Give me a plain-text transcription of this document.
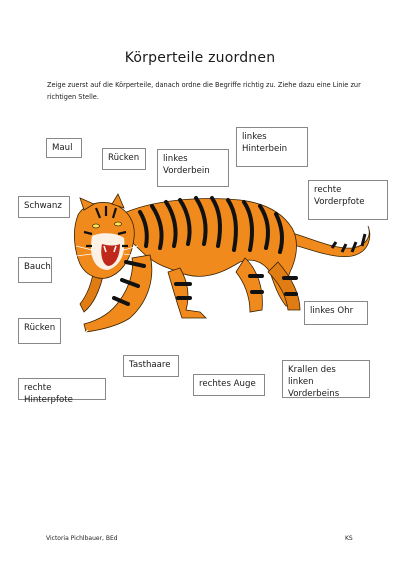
Körperteile zuordnen
Zeige zuerst auf die Körperteile, danach ordne die Begriffe richtig zu. Ziehe dazu eine Linie zur richtigen Stelle.
Maul
Rücken	linkes
Vorderbein
linkes
Hinterbein
rechte
Vorderpfote
Schwanz
Bauch
Rücken
linkes Ohr
Tasthaare
rechte Hinterpfote
rechtes Auge
Krallen des linken
Vorderbeins
Victoria Pichlbauer, BEd	KS
